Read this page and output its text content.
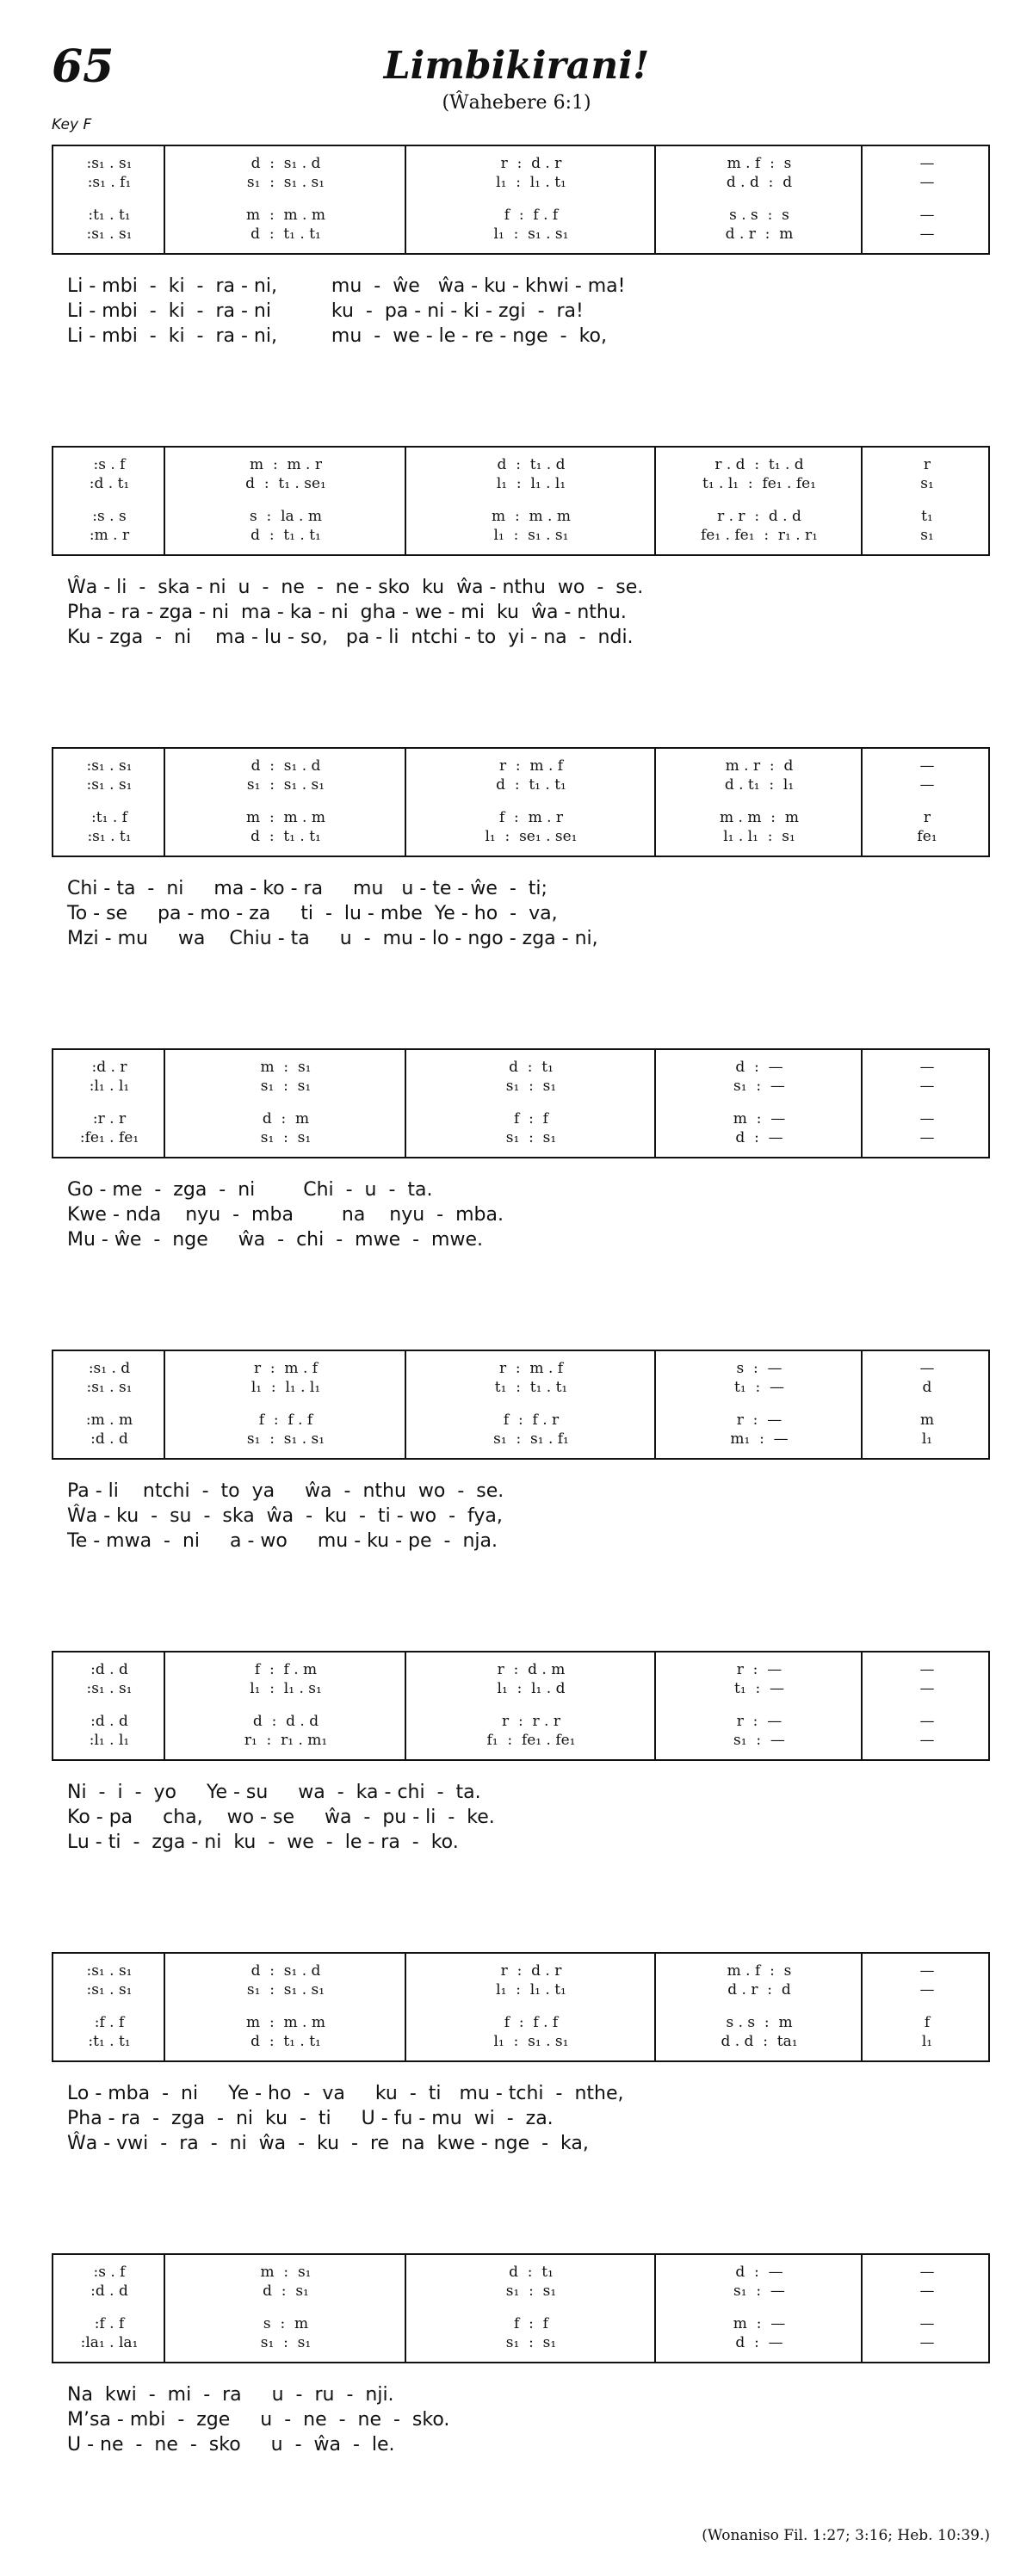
65	Limbikirani!
(Ŵahebere 6:1)
Key F
:s₁ . s₁	d  :  s₁ . d	r  :  d . r	m . f  :  s	—
:s₁ . f₁	s₁  :  s₁ . s₁	l₁  :  l₁ . t₁	d . d  :  d	—
:t₁ . t₁	m  :  m . m	f  :  f . f	s . s  :  s	—
:s₁ . s₁	d  :  t₁ . t₁	l₁  :  s₁ . s₁	d . r  :  m	—
Li - mbi  -  ki  -  ra - ni,         mu  -  ŵe   ŵa - ku - khwi - ma!
Li - mbi  -  ki  -  ra - ni          ku  -  pa - ni - ki - zgi  -  ra!
Li - mbi  -  ki  -  ra - ni,         mu  -  we - le - re - nge  -  ko,
:s . f	m  :  m . r	d  :  t₁ . d	r . d  :  t₁ . d	r
:d . t₁	d  :  t₁ . se₁	l₁  :  l₁ . l₁	t₁ . l₁  :  fe₁ . fe₁	s₁
:s . s	s  :  la . m	m  :  m . m	r . r  :  d . d	t₁
:m . r	d  :  t₁ . t₁	l₁  :  s₁ . s₁	fe₁ . fe₁  :  r₁ . r₁	s₁
Ŵa - li  -  ska - ni  u  -  ne  -  ne - sko  ku  ŵa - nthu  wo  -  se.
Pha - ra - zga - ni  ma - ka - ni  gha - we - mi  ku  ŵa - nthu.
Ku - zga  -  ni    ma - lu - so,   pa - li  ntchi - to  yi - na  -  ndi.
:s₁ . s₁	d  :  s₁ . d	r  :  m . f	m . r  :  d	—
:s₁ . s₁	s₁  :  s₁ . s₁	d  :  t₁ . t₁	d . t₁  :  l₁	—
:t₁ . f	m  :  m . m	f  :  m . r	m . m  :  m	r
:s₁ . t₁	d  :  t₁ . t₁	l₁  :  se₁ . se₁	l₁ . l₁  :  s₁	fe₁
Chi - ta  -  ni     ma - ko - ra     mu   u - te - ŵe  -  ti;
To - se     pa - mo - za     ti  -  lu - mbe  Ye - ho  -  va,
Mzi - mu     wa    Chiu - ta     u  -  mu - lo - ngo - zga - ni,
:d . r	m  :  s₁	d  :  t₁	d  :  —	—
:l₁ . l₁	s₁  :  s₁	s₁  :  s₁	s₁  :  —	—
:r . r	d  :  m	f  :  f	m  :  —	—
:fe₁ . fe₁	s₁  :  s₁	s₁  :  s₁	d  :  —	—
Go - me  -  zga  -  ni        Chi  -  u  -  ta.
Kwe - nda    nyu  -  mba        na    nyu  -  mba.
Mu - ŵe  -  nge     ŵa  -  chi  -  mwe  -  mwe.
:s₁ . d	r  :  m . f	r  :  m . f	s  :  —	—
:s₁ . s₁	l₁  :  l₁ . l₁	t₁  :  t₁ . t₁	t₁  :  —	d
:m . m	f  :  f . f	f  :  f . r	r  :  —	m
:d . d	s₁  :  s₁ . s₁	s₁  :  s₁ . f₁	m₁  :  —	l₁
Pa - li    ntchi  -  to  ya     ŵa  -  nthu  wo  -  se.
Ŵa - ku  -  su  -  ska  ŵa  -  ku  -  ti - wo  -  fya,
Te - mwa  -  ni     a - wo     mu - ku - pe  -  nja.
:d . d	f  :  f . m	r  :  d . m	r  :  —	—
:s₁ . s₁	l₁  :  l₁ . s₁	l₁  :  l₁ . d	t₁  :  —	—
:d . d	d  :  d . d	r  :  r . r	r  :  —	—
:l₁ . l₁	r₁  :  r₁ . m₁	f₁  :  fe₁ . fe₁	s₁  :  —	—
Ni  -  i  -  yo     Ye - su     wa  -  ka - chi  -  ta.
Ko - pa     cha,    wo - se     ŵa  -  pu - li  -  ke.
Lu - ti  -  zga - ni  ku  -  we  -  le - ra  -  ko.
:s₁ . s₁	d  :  s₁ . d	r  :  d . r	m . f  :  s	—
:s₁ . s₁	s₁  :  s₁ . s₁	l₁  :  l₁ . t₁	d . r  :  d	—
:f . f	m  :  m . m	f  :  f . f	s . s  :  m	f
:t₁ . t₁	d  :  t₁ . t₁	l₁  :  s₁ . s₁	d . d  :  ta₁	l₁
Lo - mba  -  ni     Ye - ho  -  va     ku  -  ti   mu - tchi  -  nthe,
Pha - ra  -  zga  -  ni  ku  -  ti     U - fu - mu  wi  -  za.
Ŵa - vwi  -  ra  -  ni  ŵa  -  ku  -  re  na  kwe - nge  -  ka,
:s . f	m  :  s₁	d  :  t₁	d  :  —	—
:d . d	d  :  s₁	s₁  :  s₁	s₁  :  —	—
:f . f	s  :  m	f  :  f	m  :  —	—
:la₁ . la₁	s₁  :  s₁	s₁  :  s₁	d  :  —	—
Na  kwi  -  mi  -  ra     u  -  ru  -  nji.
M’sa - mbi  -  zge     u  -  ne  -  ne  -  sko.
U - ne  -  ne  -  sko     u  -  ŵa  -  le.
(Wonaniso Fil. 1:27; 3:16; Heb. 10:39.)
